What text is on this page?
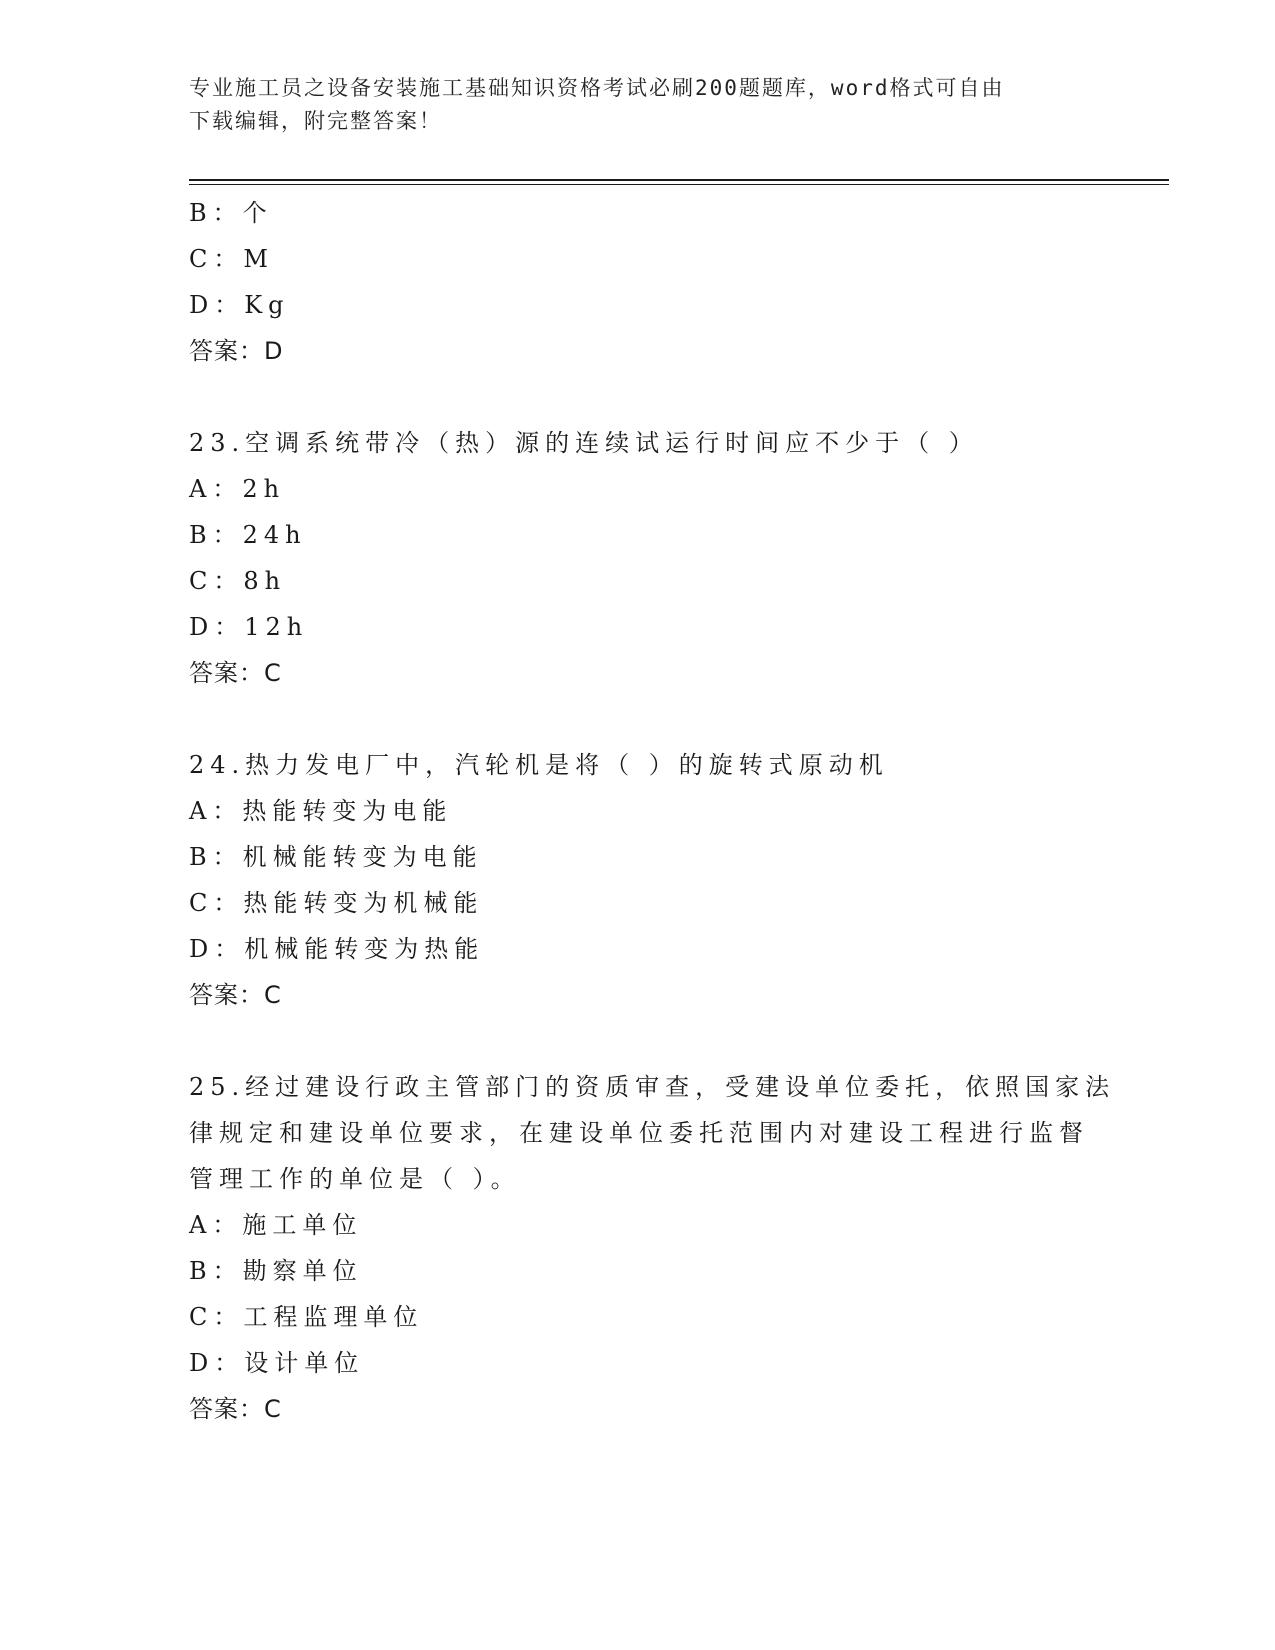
专业施工员之设备安装施工基础知识资格考试必刷200题题库，word格式可自由
下载编辑，附完整答案！
B：个
C：M
D：Kg
答案：D
23.空调系统带冷（热）源的连续试运行时间应不少于（ ）
A：2h
B：24h
C：8h
D：12h
答案：C
24.热力发电厂中，汽轮机是将（ ）的旋转式原动机
A：热能转变为电能
B：机械能转变为电能
C：热能转变为机械能
D：机械能转变为热能
答案：C
25.经过建设行政主管部门的资质审查，受建设单位委托，依照国家法
律规定和建设单位要求，在建设单位委托范围内对建设工程进行监督
管理工作的单位是（ ）。
A：施工单位
B：勘察单位
C：工程监理单位
D：设计单位
答案：C
